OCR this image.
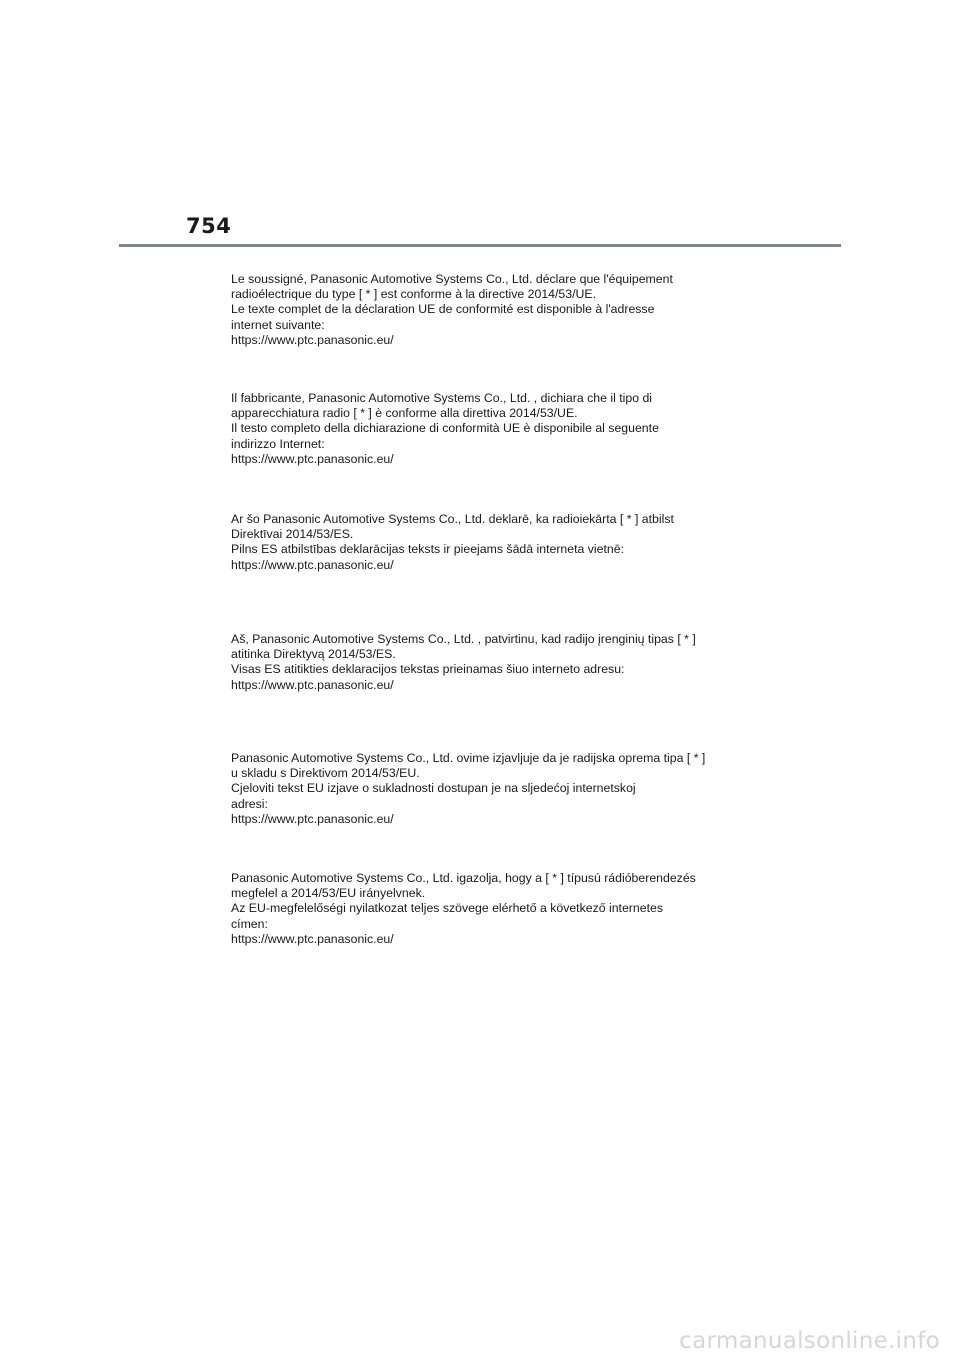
754
Le soussigné, Panasonic Automotive Systems Co., Ltd. déclare que l'équipement
radioélectrique du type [ * ] est conforme à la directive 2014/53/UE.
Le texte complet de la déclaration UE de conformité est disponible à l'adresse
internet suivante:
https://www.ptc.panasonic.eu/
Il fabbricante, Panasonic Automotive Systems Co., Ltd. , dichiara che il tipo di
apparecchiatura radio [ * ] è conforme alla direttiva 2014/53/UE.
Il testo completo della dichiarazione di conformità UE è disponibile al seguente
indirizzo Internet:
https://www.ptc.panasonic.eu/
Ar šo Panasonic Automotive Systems Co., Ltd. deklarē, ka radioiekārta [ * ] atbilst
Direktīvai 2014/53/ES.
Pilns ES atbilstības deklarācijas teksts ir pieejams šādā interneta vietnē:
https://www.ptc.panasonic.eu/
Aš, Panasonic Automotive Systems Co., Ltd. , patvirtinu, kad radijo įrenginių tipas [ * ]
atitinka Direktyvą 2014/53/ES.
Visas ES atitikties deklaracijos tekstas prieinamas šiuo interneto adresu:
https://www.ptc.panasonic.eu/
Panasonic Automotive Systems Co., Ltd. ovime izjavljuje da je radijska oprema tipa [ * ]
u skladu s Direktivom 2014/53/EU.
Cjeloviti tekst EU izjave o sukladnosti dostupan je na sljedećoj internetskoj
adresi:
https://www.ptc.panasonic.eu/
Panasonic Automotive Systems Co., Ltd. igazolja, hogy a [ * ] típusú rádióberendezés
megfelel a 2014/53/EU irányelvnek.
Az EU-megfelelőségi nyilatkozat teljes szövege elérhető a következő internetes
címen:
https://www.ptc.panasonic.eu/
carmanualsonline.info
